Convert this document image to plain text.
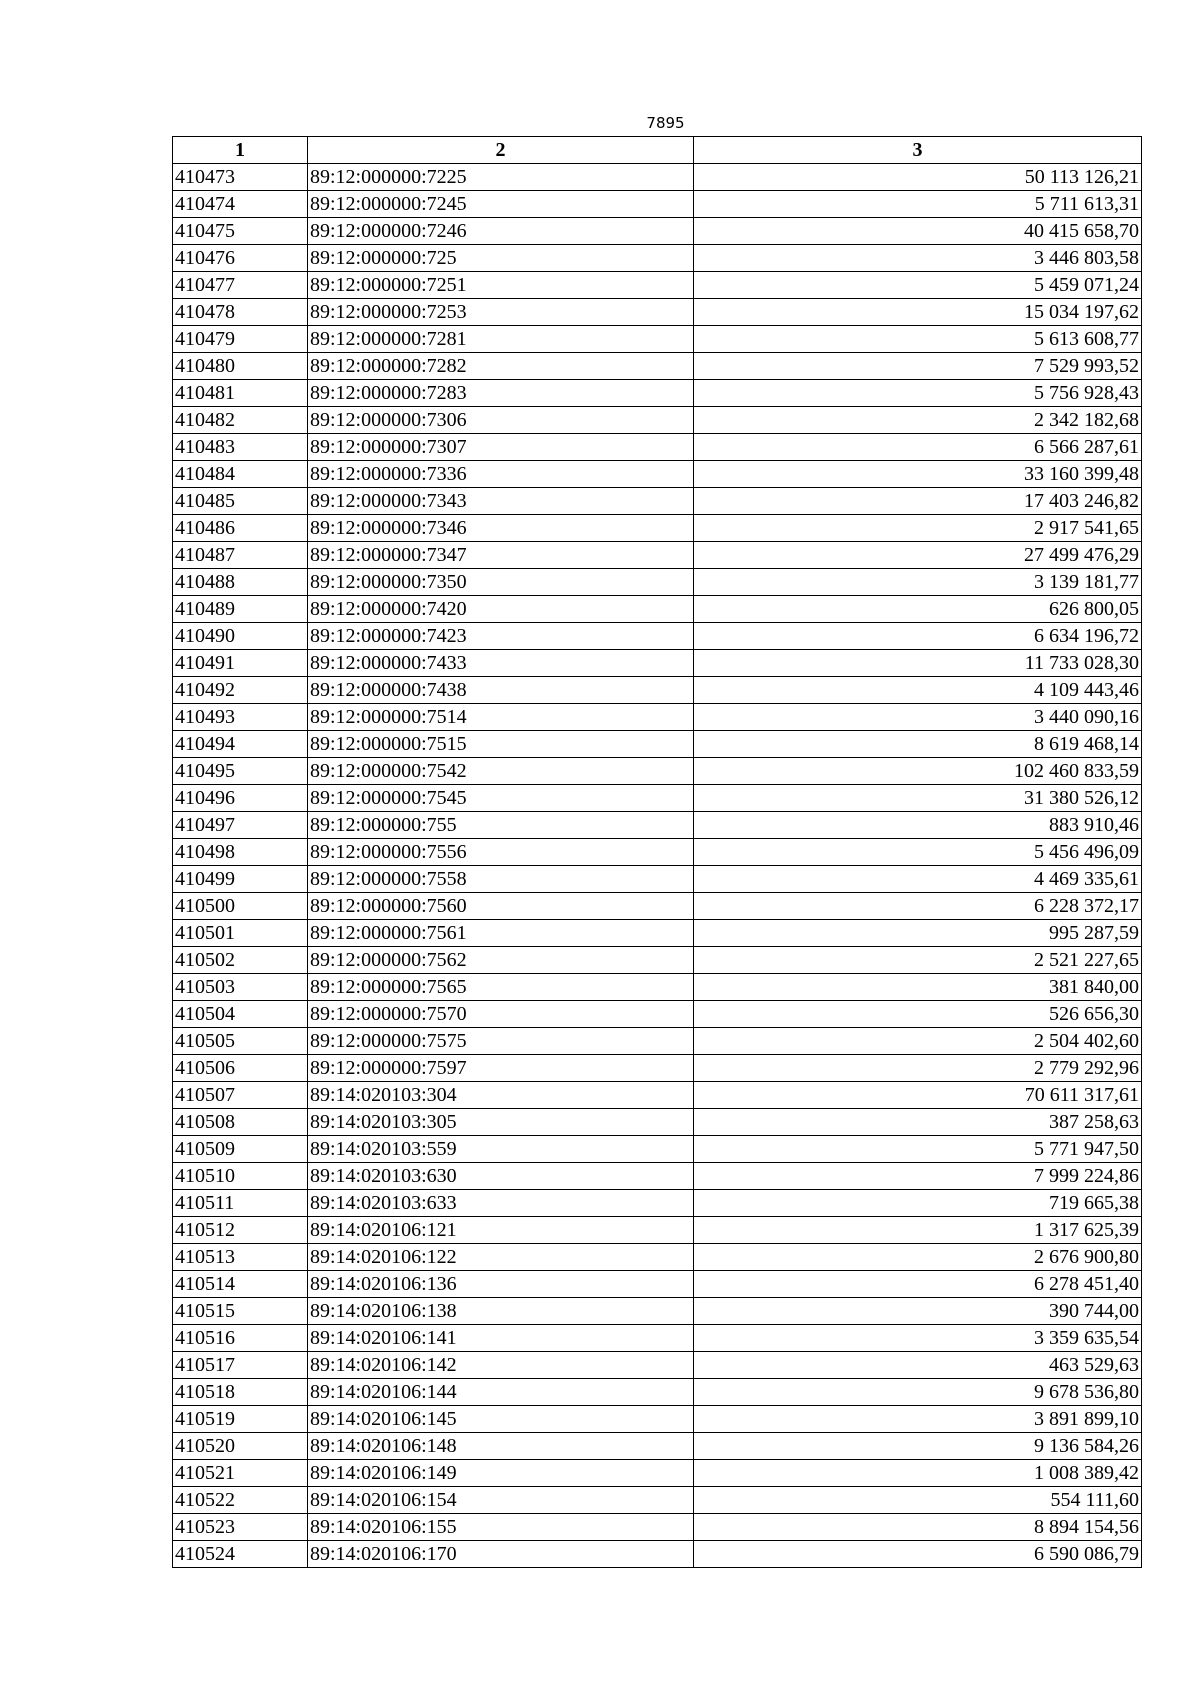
7895
1	2	3
410473	89:12:000000:7225	50 113 126,21
410474	89:12:000000:7245	5 711 613,31
410475	89:12:000000:7246	40 415 658,70
410476	89:12:000000:725	3 446 803,58
410477	89:12:000000:7251	5 459 071,24
410478	89:12:000000:7253	15 034 197,62
410479	89:12:000000:7281	5 613 608,77
410480	89:12:000000:7282	7 529 993,52
410481	89:12:000000:7283	5 756 928,43
410482	89:12:000000:7306	2 342 182,68
410483	89:12:000000:7307	6 566 287,61
410484	89:12:000000:7336	33 160 399,48
410485	89:12:000000:7343	17 403 246,82
410486	89:12:000000:7346	2 917 541,65
410487	89:12:000000:7347	27 499 476,29
410488	89:12:000000:7350	3 139 181,77
410489	89:12:000000:7420	626 800,05
410490	89:12:000000:7423	6 634 196,72
410491	89:12:000000:7433	11 733 028,30
410492	89:12:000000:7438	4 109 443,46
410493	89:12:000000:7514	3 440 090,16
410494	89:12:000000:7515	8 619 468,14
410495	89:12:000000:7542	102 460 833,59
410496	89:12:000000:7545	31 380 526,12
410497	89:12:000000:755	883 910,46
410498	89:12:000000:7556	5 456 496,09
410499	89:12:000000:7558	4 469 335,61
410500	89:12:000000:7560	6 228 372,17
410501	89:12:000000:7561	995 287,59
410502	89:12:000000:7562	2 521 227,65
410503	89:12:000000:7565	381 840,00
410504	89:12:000000:7570	526 656,30
410505	89:12:000000:7575	2 504 402,60
410506	89:12:000000:7597	2 779 292,96
410507	89:14:020103:304	70 611 317,61
410508	89:14:020103:305	387 258,63
410509	89:14:020103:559	5 771 947,50
410510	89:14:020103:630	7 999 224,86
410511	89:14:020103:633	719 665,38
410512	89:14:020106:121	1 317 625,39
410513	89:14:020106:122	2 676 900,80
410514	89:14:020106:136	6 278 451,40
410515	89:14:020106:138	390 744,00
410516	89:14:020106:141	3 359 635,54
410517	89:14:020106:142	463 529,63
410518	89:14:020106:144	9 678 536,80
410519	89:14:020106:145	3 891 899,10
410520	89:14:020106:148	9 136 584,26
410521	89:14:020106:149	1 008 389,42
410522	89:14:020106:154	554 111,60
410523	89:14:020106:155	8 894 154,56
410524	89:14:020106:170	6 590 086,79
